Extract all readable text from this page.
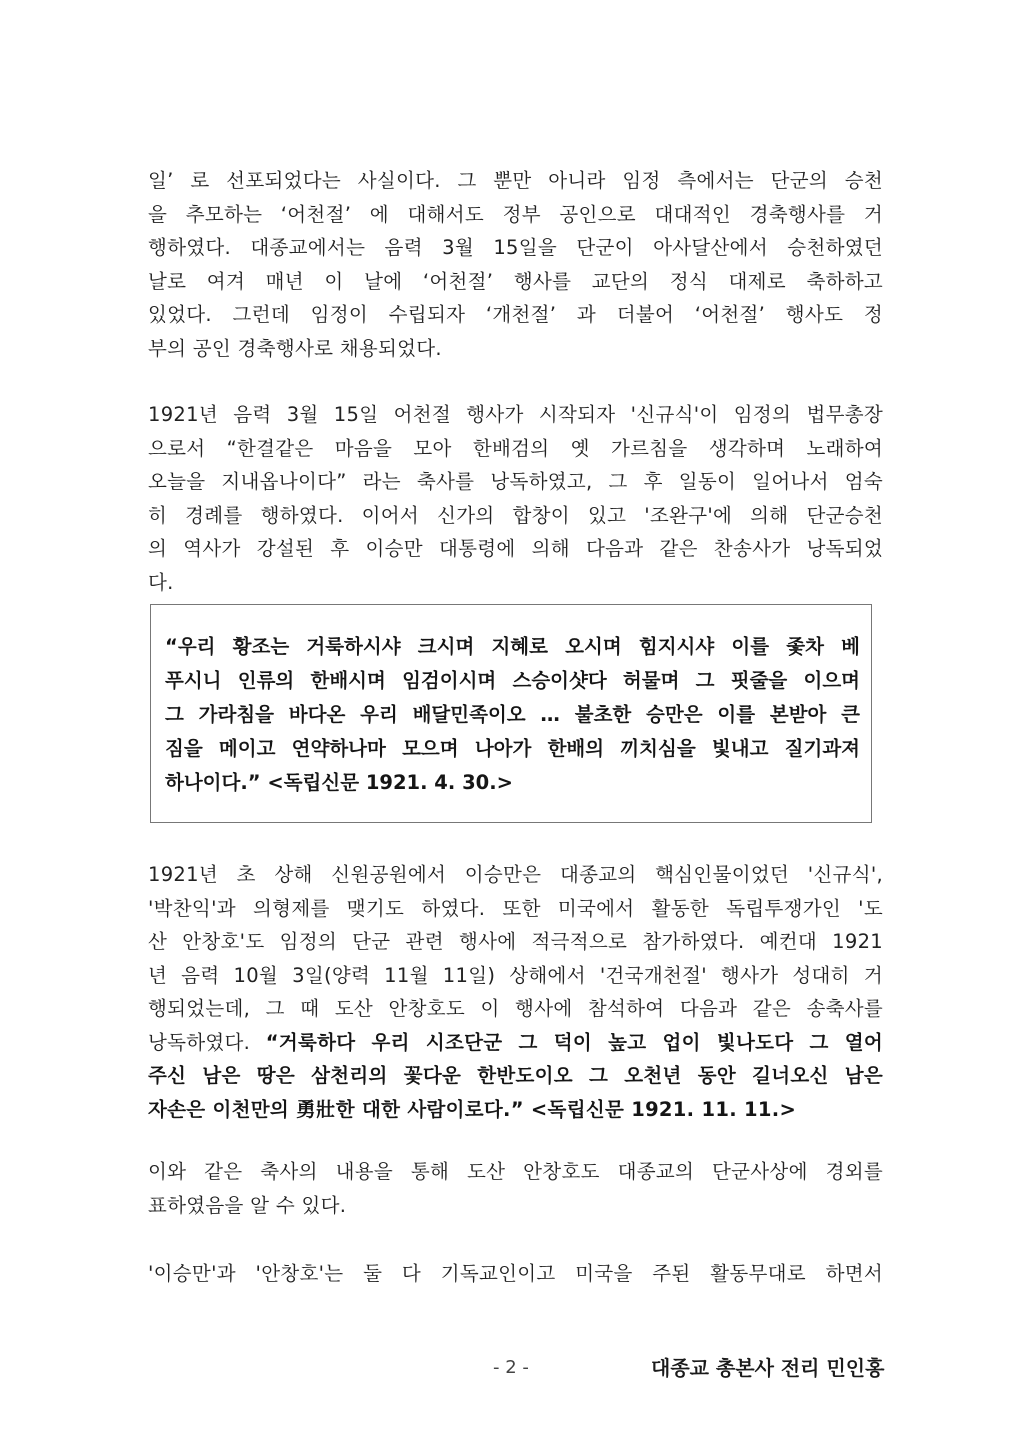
일’ 로 선포되었다는 사실이다. 그 뿐만 아니라 임정 측에서는 단군의 승천
을 추모하는 ‘어천절’ 에 대해서도 정부 공인으로 대대적인 경축행사를 거
행하였다. 대종교에서는 음력 3월 15일을 단군이 아사달산에서 승천하였던
날로 여겨 매년 이 날에 ‘어천절’ 행사를 교단의 정식 대제로 축하하고
있었다. 그런데 임정이 수립되자 ‘개천절’ 과 더불어 ‘어천절’ 행사도 정
부의 공인 경축행사로 채용되었다.
1921년 음력 3월 15일 어천절 행사가 시작되자 '신규식'이 임정의 법무총장
으로서 “한결같은 마음을 모아 한배검의 옛 가르침을 생각하며 노래하여
오늘을 지내옵나이다” 라는 축사를 낭독하였고, 그 후 일동이 일어나서 엄숙
히 경례를 행하였다. 이어서 신가의 합창이 있고 '조완구'에 의해 단군승천
의 역사가 강설된 후 이승만 대통령에 의해 다음과 같은 찬송사가 낭독되었
다.
“우리 황조는 거룩하시샤 크시며 지혜로 오시며 힘지시샤 이를 좇차 베
푸시니 인류의 한배시며 임검이시며 스승이샷다 허물며 그 핏줄을 이으며
그 가라침을 바다온 우리 배달민족이오 … 불초한 승만은 이를 본받아 큰
짐을 메이고 연약하나마 모으며 나아가 한배의 끼치심을 빛내고 질기과져
하나이다.” <독립신문 1921. 4. 30.>
1921년 초 상해 신원공원에서 이승만은 대종교의 핵심인물이었던 '신규식',
'박찬익'과 의형제를 맺기도 하였다. 또한 미국에서 활동한 독립투쟁가인 '도
산 안창호'도 임정의 단군 관련 행사에 적극적으로 참가하였다. 예컨대 1921
년 음력 10월 3일(양력 11월 11일) 상해에서 '건국개천절' 행사가 성대히 거
행되었는데, 그 때 도산 안창호도 이 행사에 참석하여 다음과 같은 송축사를
낭독하였다. “거룩하다 우리 시조단군 그 덕이 높고 업이 빛나도다 그 열어
주신 남은 땅은 삼천리의 꽃다운 한반도이오 그 오천년 동안 길너오신 남은
자손은 이천만의 勇壯한 대한 사람이로다.” <독립신문 1921. 11. 11.>
이와 같은 축사의 내용을 통해 도산 안창호도 대종교의 단군사상에 경외를
표하였음을 알 수 있다.
'이승만'과 '안창호'는 둘 다 기독교인이고 미국을 주된 활동무대로 하면서
- 2 -	대종교 총본사 전리 민인홍
